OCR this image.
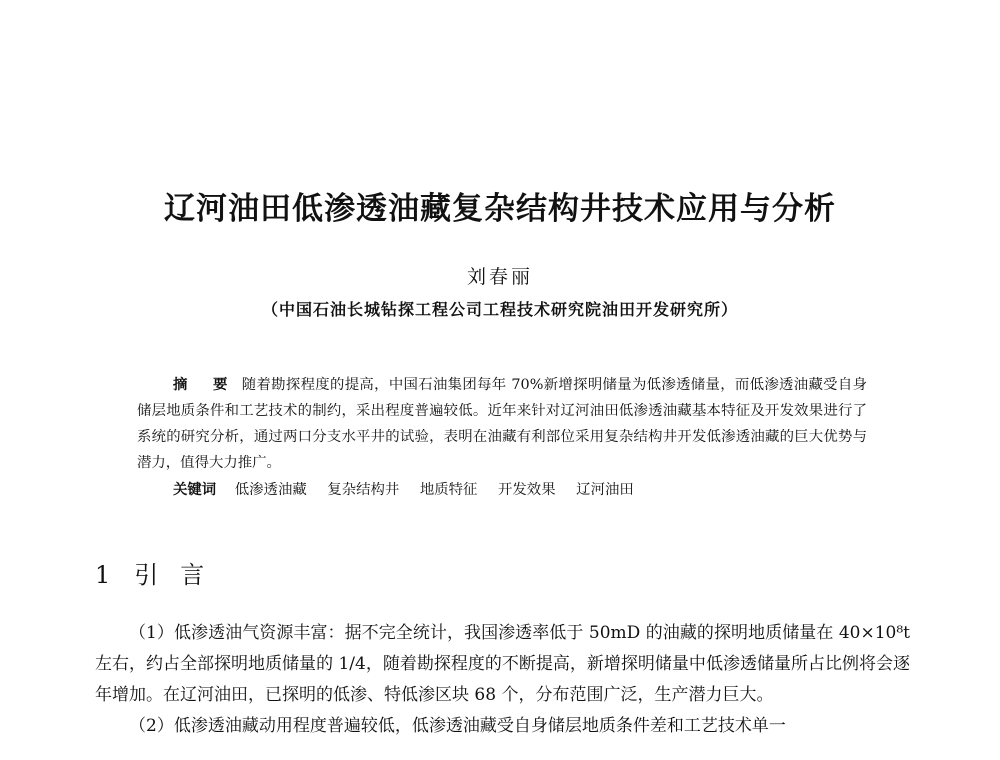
辽河油田低渗透油藏复杂结构井技术应用与分析
刘春丽
（中国石油长城钻探工程公司工程技术研究院油田开发研究所）
摘 要 随着勘探程度的提高，中国石油集团每年 70%新增探明储量为低渗透储量，而低渗透油藏受自身储层地质条件和工艺技术的制约，采出程度普遍较低。近年来针对辽河油田低渗透油藏基本特征及开发效果进行了系统的研究分析，通过两口分支水平井的试验，表明在油藏有利部位采用复杂结构井开发低渗透油藏的巨大优势与潜力，值得大力推广。
关键词 低渗透油藏 复杂结构井 地质特征 开发效果 辽河油田
1 引言

（1）低渗透油气资源丰富：据不完全统计，我国渗透率低于 50mD 的油藏的探明地质储量在 40×10⁸t 左右，约占全部探明地质储量的 1/4，随着勘探程度的不断提高，新增探明储量中低渗透储量所占比例将会逐年增加。在辽河油田，已探明的低渗、特低渗区块 68 个，分布范围广泛，生产潜力巨大。

（2）低渗透油藏动用程度普遍较低，低渗透油藏受自身储层地质条件差和工艺技术单一
